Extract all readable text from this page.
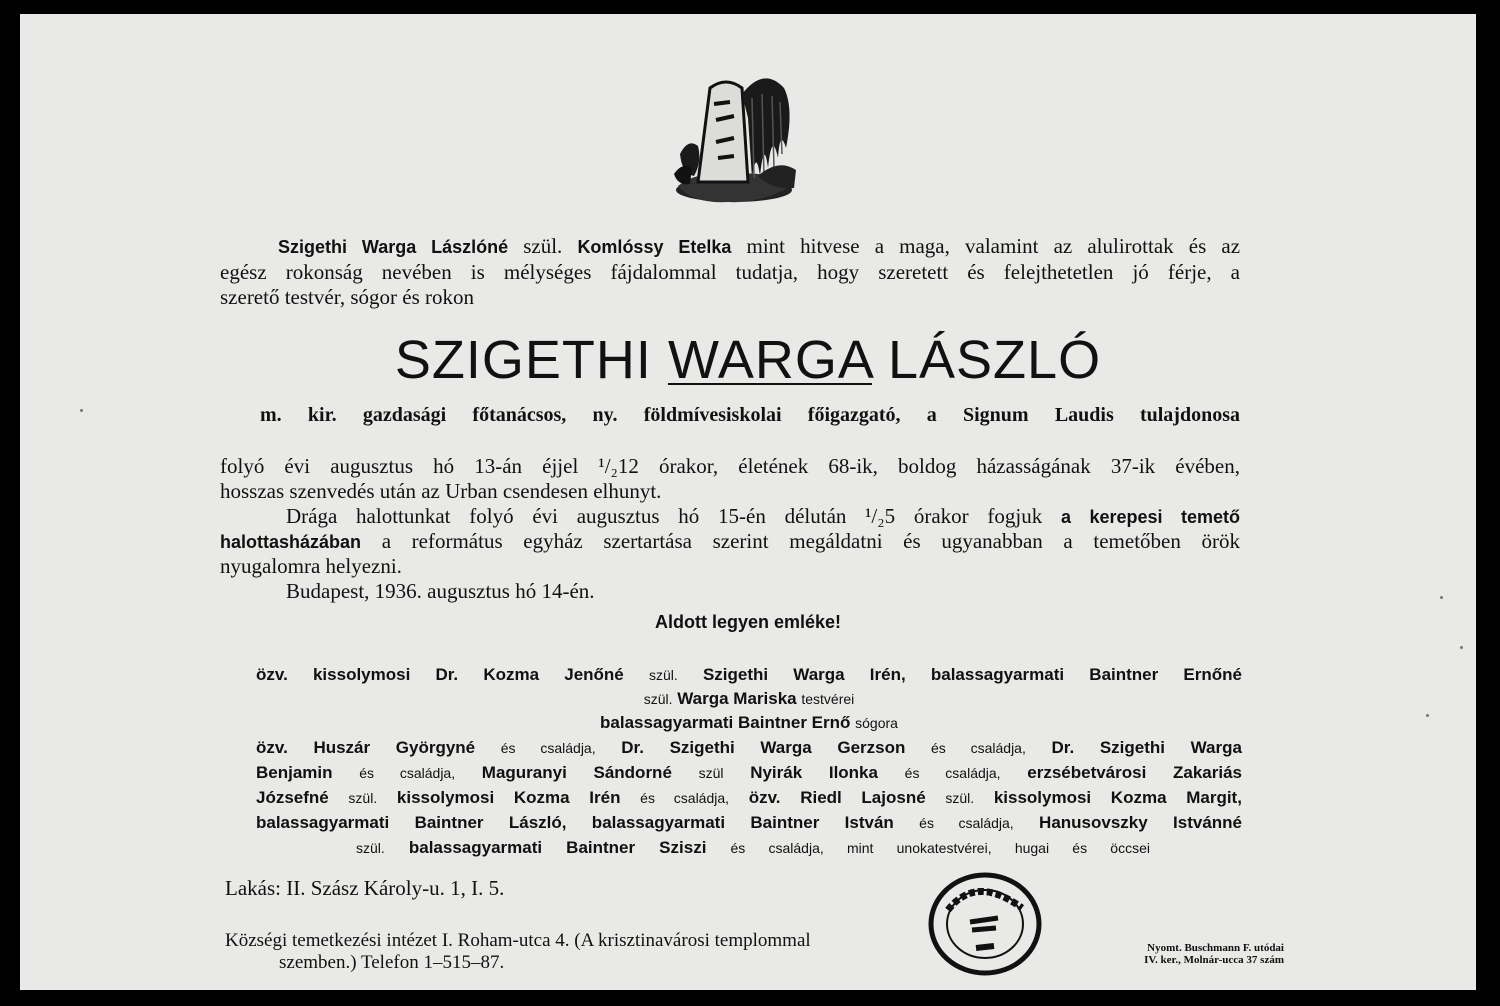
Szigethi Warga Lászlóné szül. Komlóssy Etelka mint hitvese a maga, valamint az alulirottak és az
egész rokonság nevében is mélységes fájdalommal tudatja, hogy szeretett és felejthetetlen jó férje, a
szerető testvér, sógor és rokon
SZIGETHI WARGA LÁSZLÓ
m. kir. gazdasági főtanácsos, ny. földmívesiskolai főigazgató, a Signum Laudis tulajdonosa
folyó évi augusztus hó 13-án éjjel ¹/₂12 órakor, életének 68-ik, boldog házasságának 37-ik évében,
hosszas szenvedés után az Urban csendesen elhunyt.
Drága halottunkat folyó évi augusztus hó 15-én délután ¹/₂5 órakor fogjuk a kerepesi temető
halottasházában a református egyház szertartása szerint megáldatni és ugyanabban a temetőben örök
nyugalomra helyezni.
Budapest, 1936. augusztus hó 14-én.
Aldott legyen emléke!
özv. kissolymosi Dr. Kozma Jenőné szül. Szigethi Warga Irén, balassagyarmati Baintner Ernőné
szül. Warga Mariska testvérei
balassagyarmati Baintner Ernő sógora
özv. Huszár Györgyné és családja, Dr. Szigethi Warga Gerzson és családja, Dr. Szigethi Warga
Benjamin és családja, Maguranyi Sándorné szül Nyirák Ilonka és családja, erzsébetvárosi Zakariás
Józsefné szül. kissolymosi Kozma Irén és családja, özv. Riedl Lajosné szül. kissolymosi Kozma Margit,
balassagyarmati Baintner László, balassagyarmati Baintner István és családja, Hanusovszky Istvánné
szül. balassagyarmati Baintner Sziszi és családja, mint unokatestvérei, hugai és öccsei
Lakás: II. Szász Károly-u. 1, I. 5.
Községi temetkezési intézet I. Roham-utca 4. (A krisztinavárosi templommal
szemben.) Telefon 1–515–87.
Nyomt. Buschmann F. utódai
IV. ker., Molnár-ucca 37 szám
